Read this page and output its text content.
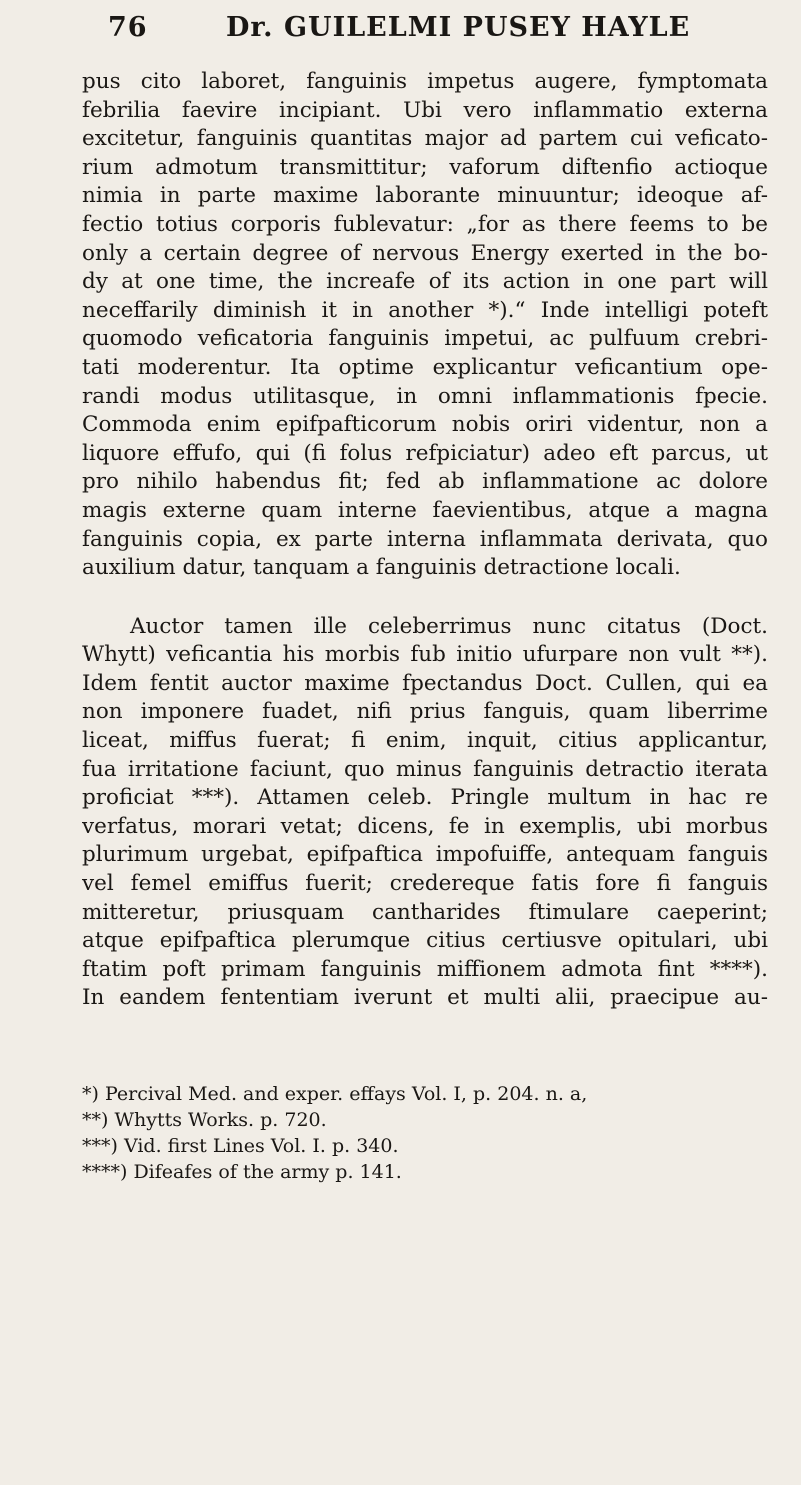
76	Dr. GUILELMI PUSEY HAYLE
pus cito laboret, fanguinis impetus augere, fymptomata
febrilia faevire incipiant. Ubi vero inflammatio externa
excitetur, fanguinis quantitas major ad partem cui veficato-
rium admotum transmittitur; vaforum diftenfio actioque
nimia in parte maxime laborante minuuntur; ideoque af-
fectio totius corporis fublevatur: „for as there feems to be
only a certain degree of nervous Energy exerted in the bo-
dy at one time, the increafe of its action in one part will
neceffarily diminish it in another *).“ Inde intelligi poteft
quomodo veficatoria fanguinis impetui, ac pulfuum crebri-
tati moderentur. Ita optime explicantur veficantium ope-
randi modus utilitasque, in omni inflammationis fpecie.
Commoda enim epifpafticorum nobis oriri videntur, non a
liquore effufo, qui (fi folus refpiciatur) adeo eft parcus, ut
pro nihilo habendus fit; fed ab inflammatione ac dolore
magis externe quam interne faevientibus, atque a magna
fanguinis copia, ex parte interna inflammata derivata, quo
auxilium datur, tanquam a fanguinis detractione locali.
Auctor tamen ille celeberrimus nunc citatus (Doct.
Whytt) veficantia his morbis fub initio ufurpare non vult **).
Idem fentit auctor maxime fpectandus Doct. Cullen, qui ea
non imponere fuadet, nifi prius fanguis, quam liberrime
liceat, miffus fuerat; fi enim, inquit, citius applicantur,
fua irritatione faciunt, quo minus fanguinis detractio iterata
proficiat ***). Attamen celeb. Pringle multum in hac re
verfatus, morari vetat; dicens, fe in exemplis, ubi morbus
plurimum urgebat, epifpaftica impofuiffe, antequam fanguis
vel femel emiffus fuerit; credereque fatis fore fi fanguis
mitteretur, priusquam cantharides ftimulare caeperint;
atque epifpaftica plerumque citius certiusve opitulari, ubi
ftatim poft primam fanguinis miffionem admota fint ****).
In eandem fententiam iverunt et multi alii, praecipue au-
*) Percival Med. and exper. effays Vol. I, p. 204. n. a,
**) Whytts Works. p. 720.
***) Vid. first Lines Vol. I. p. 340.
****) Difeafes of the army p. 141.
